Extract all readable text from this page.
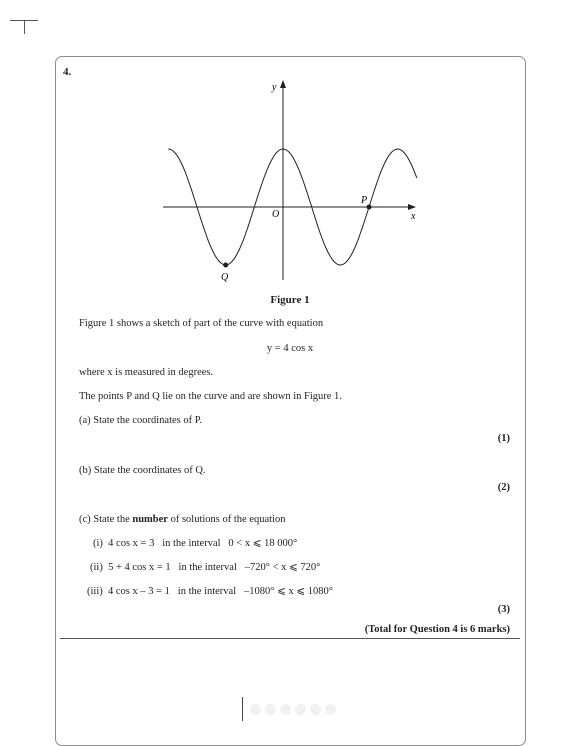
4.
y
x
O
P
Q
Figure 1
Figure 1 shows a sketch of part of the curve with equation
y = 4 cos x
where x is measured in degrees.
The points P and Q lie on the curve and are shown in Figure 1.
(a) State the coordinates of P.
(1)
(b) State the coordinates of Q.
(2)
(c) State the number of solutions of the equation
(i) 4 cos x = 3 in the interval 0 < x ⩽ 18 000°
(ii) 5 + 4 cos x = 1 in the interval –720° < x ⩽ 720°
(iii) 4 cos x – 3 = 1 in the interval –1080° ⩽ x ⩽ 1080°
(3)
(Total for Question 4 is 6 marks)
